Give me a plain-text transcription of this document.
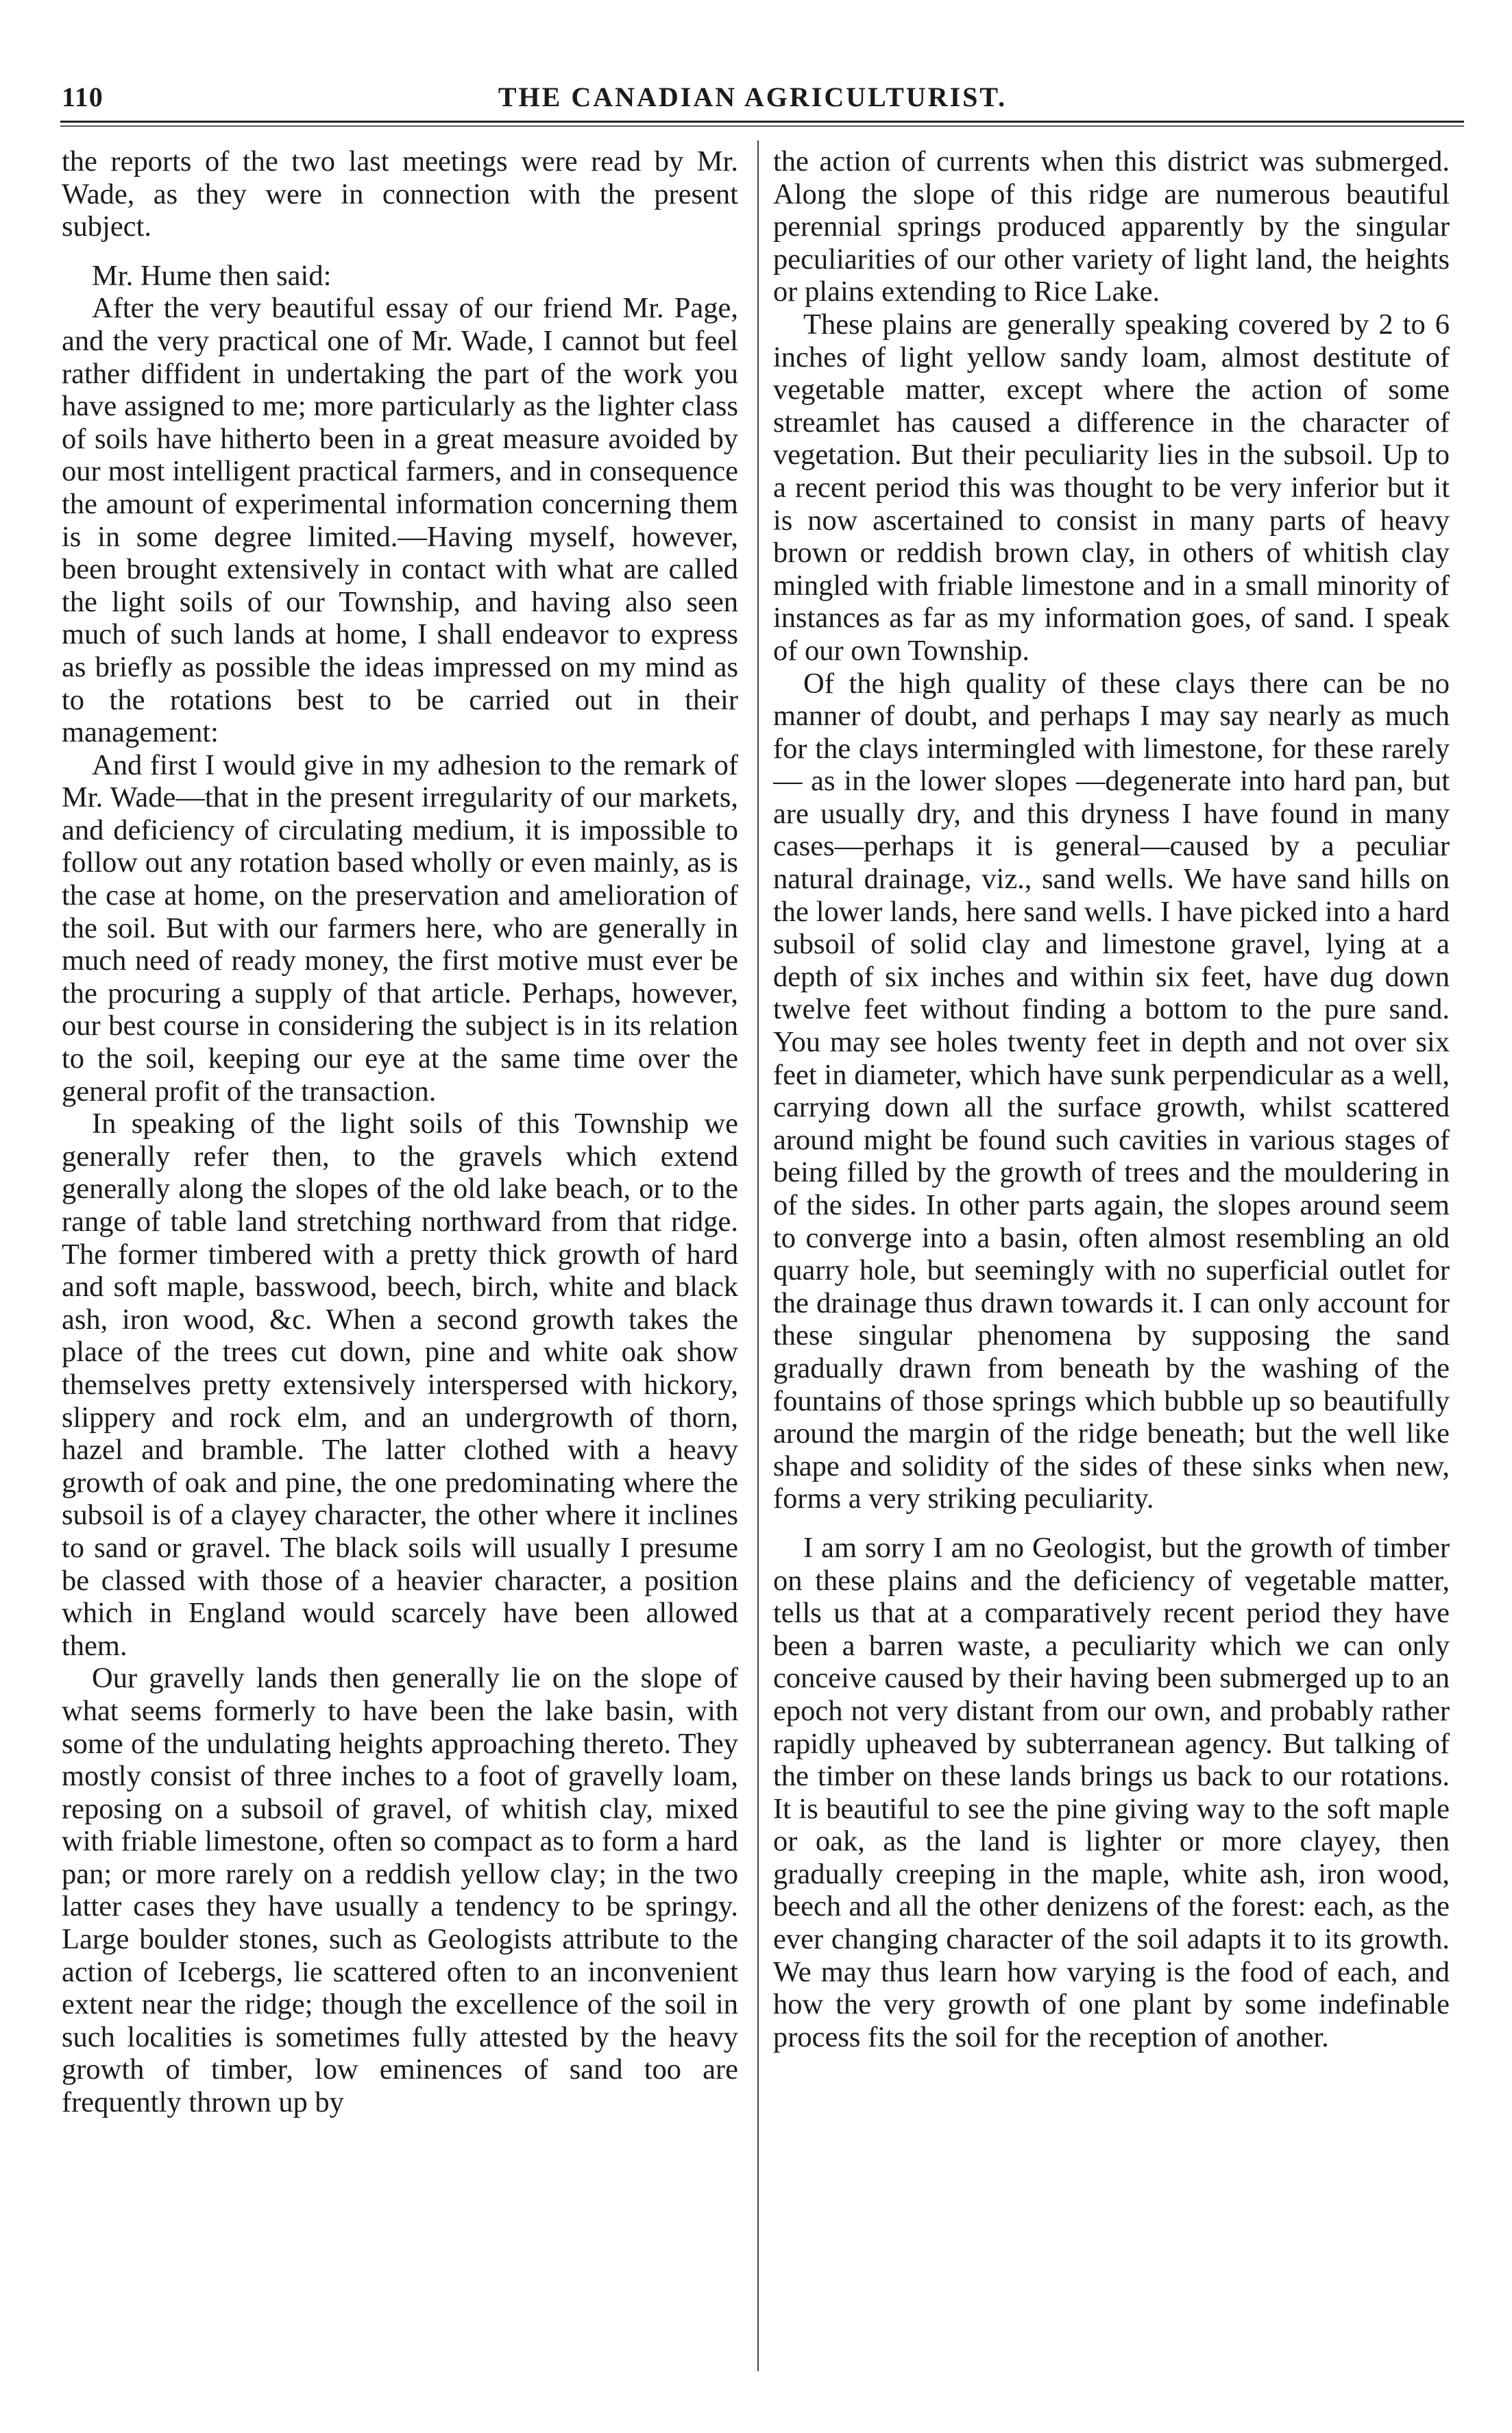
110	THE CANADIAN AGRICULTURIST.

the reports of the two last meetings were read by Mr. Wade, as they were in connection with the present subject.

Mr. Hume then said:

After the very beautiful essay of our friend Mr. Page, and the very practical one of Mr. Wade, I cannot but feel rather diffident in undertaking the part of the work you have assigned to me; more particularly as the lighter class of soils have hitherto been in a great measure avoided by our most intelligent practical farmers, and in consequence the amount of experimental information concerning them is in some degree limited.—Having myself, however, been brought extensively in contact with what are called the light soils of our Township, and having also seen much of such lands at home, I shall endeavor to express as briefly as possible the ideas impressed on my mind as to the rotations best to be carried out in their management:

And first I would give in my adhesion to the remark of Mr. Wade—that in the present irregularity of our markets, and deficiency of circulating medium, it is impossible to follow out any rotation based wholly or even mainly, as is the case at home, on the preservation and amelioration of the soil. But with our farmers here, who are generally in much need of ready money, the first motive must ever be the procuring a supply of that article. Perhaps, however, our best course in considering the subject is in its relation to the soil, keeping our eye at the same time over the general profit of the transaction.

In speaking of the light soils of this Township we generally refer then, to the gravels which extend generally along the slopes of the old lake beach, or to the range of table land stretching northward from that ridge. The former timbered with a pretty thick growth of hard and soft maple, basswood, beech, birch, white and black ash, iron wood, &c. When a second growth takes the place of the trees cut down, pine and white oak show themselves pretty extensively interspersed with hickory, slippery and rock elm, and an undergrowth of thorn, hazel and bramble. The latter clothed with a heavy growth of oak and pine, the one predominating where the subsoil is of a clayey character, the other where it inclines to sand or gravel. The black soils will usually I presume be classed with those of a heavier character, a position which in England would scarcely have been allowed them.

Our gravelly lands then generally lie on the slope of what seems formerly to have been the lake basin, with some of the undulating heights approaching thereto. They mostly consist of three inches to a foot of gravelly loam, reposing on a subsoil of gravel, of whitish clay, mixed with friable limestone, often so compact as to form a hard pan; or more rarely on a reddish yellow clay; in the two latter cases they have usually a tendency to be springy. Large boulder stones, such as Geologists attribute to the action of Icebergs, lie scattered often to an inconvenient extent near the ridge; though the excellence of the soil in such localities is sometimes fully attested by the heavy growth of timber, low eminences of sand too are frequently thrown up by

the action of currents when this district was submerged. Along the slope of this ridge are numerous beautiful perennial springs produced apparently by the singular peculiarities of our other variety of light land, the heights or plains extending to Rice Lake.

These plains are generally speaking covered by 2 to 6 inches of light yellow sandy loam, almost destitute of vegetable matter, except where the action of some streamlet has caused a difference in the character of vegetation. But their peculiarity lies in the subsoil. Up to a recent period this was thought to be very inferior but it is now ascertained to consist in many parts of heavy brown or reddish brown clay, in others of whitish clay mingled with friable limestone and in a small minority of instances as far as my information goes, of sand. I speak of our own Township.

Of the high quality of these clays there can be no manner of doubt, and perhaps I may say nearly as much for the clays intermingled with limestone, for these rarely— as in the lower slopes —degenerate into hard pan, but are usually dry, and this dryness I have found in many cases—perhaps it is general—caused by a peculiar natural drainage, viz., sand wells. We have sand hills on the lower lands, here sand wells. I have picked into a hard subsoil of solid clay and limestone gravel, lying at a depth of six inches and within six feet, have dug down twelve feet without finding a bottom to the pure sand. You may see holes twenty feet in depth and not over six feet in diameter, which have sunk perpendicular as a well, carrying down all the surface growth, whilst scattered around might be found such cavities in various stages of being filled by the growth of trees and the mouldering in of the sides. In other parts again, the slopes around seem to converge into a basin, often almost resembling an old quarry hole, but seemingly with no superficial outlet for the drainage thus drawn towards it. I can only account for these singular phenomena by supposing the sand gradually drawn from beneath by the washing of the fountains of those springs which bubble up so beautifully around the margin of the ridge beneath; but the well like shape and solidity of the sides of these sinks when new, forms a very striking peculiarity.

I am sorry I am no Geologist, but the growth of timber on these plains and the deficiency of vegetable matter, tells us that at a comparatively recent period they have been a barren waste, a peculiarity which we can only conceive caused by their having been submerged up to an epoch not very distant from our own, and probably rather rapidly upheaved by subterranean agency. But talking of the timber on these lands brings us back to our rotations. It is beautiful to see the pine giving way to the soft maple or oak, as the land is lighter or more clayey, then gradually creeping in the maple, white ash, iron wood, beech and all the other denizens of the forest: each, as the ever changing character of the soil adapts it to its growth. We may thus learn how varying is the food of each, and how the very growth of one plant by some indefinable process fits the soil for the reception of another.
